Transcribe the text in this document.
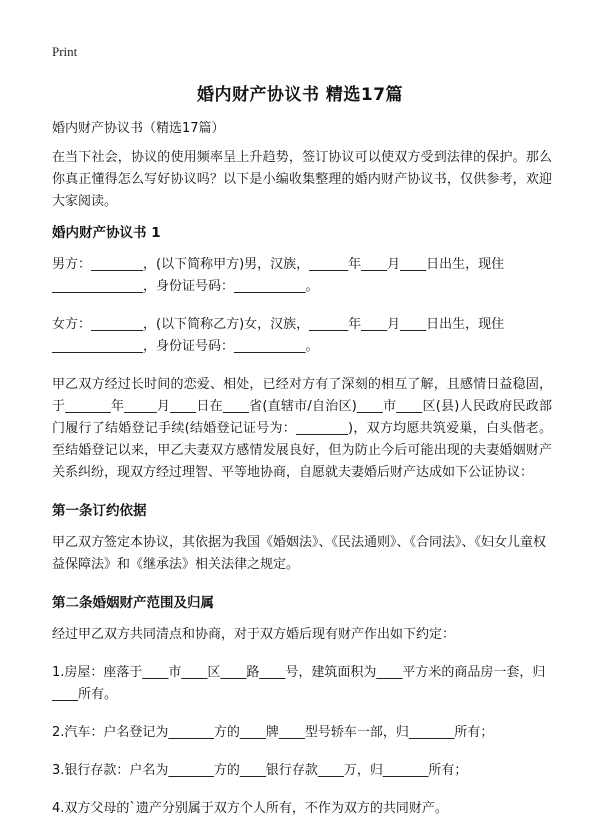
Print
婚内财产协议书 精选17篇

婚内财产协议书（精选17篇）

在当下社会，协议的使用频率呈上升趋势，签订协议可以使双方受到法律的保护。那么你真正懂得怎么写好协议吗？以下是小编收集整理的婚内财产协议书，仅供参考，欢迎大家阅读。

婚内财产协议书 1

男方：________，(以下简称甲方)男，汉族，______年____月____日出生，现住______________，身份证号码：___________。

女方：________，(以下简称乙方)女，汉族，______年____月____日出生，现住______________，身份证号码：___________。

甲乙双方经过长时间的恋爱、相处，已经对方有了深刻的相互了解，且感情日益稳固，于_______年_____月____日在____省(直辖市/自治区)____市____区(县)人民政府民政部门履行了结婚登记手续(结婚登记证号为：________)，双方均愿共筑爱巢，白头偕老。至结婚登记以来，甲乙夫妻双方感情发展良好，但为防止今后可能出现的夫妻婚姻财产关系纠纷，现双方经过理智、平等地协商，自愿就夫妻婚后财产达成如下公证协议：

第一条订约依据

甲乙双方签定本协议，其依据为我国《婚姻法》、《民法通则》、《合同法》、《妇女儿童权益保障法》和《继承法》相关法律之规定。

第二条婚姻财产范围及归属

经过甲乙双方共同清点和协商，对于双方婚后现有财产作出如下约定：

1.房屋：座落于____市____区____路____号，建筑面积为____平方米的商品房一套，归____所有。

2.汽车：户名登记为_______方的____牌____型号轿车一部，归_______所有；

3.银行存款：户名为_______方的____银行存款____万，归_______所有；

4.双方父母的`遗产分别属于双方个人所有，不作为双方的共同财产。
